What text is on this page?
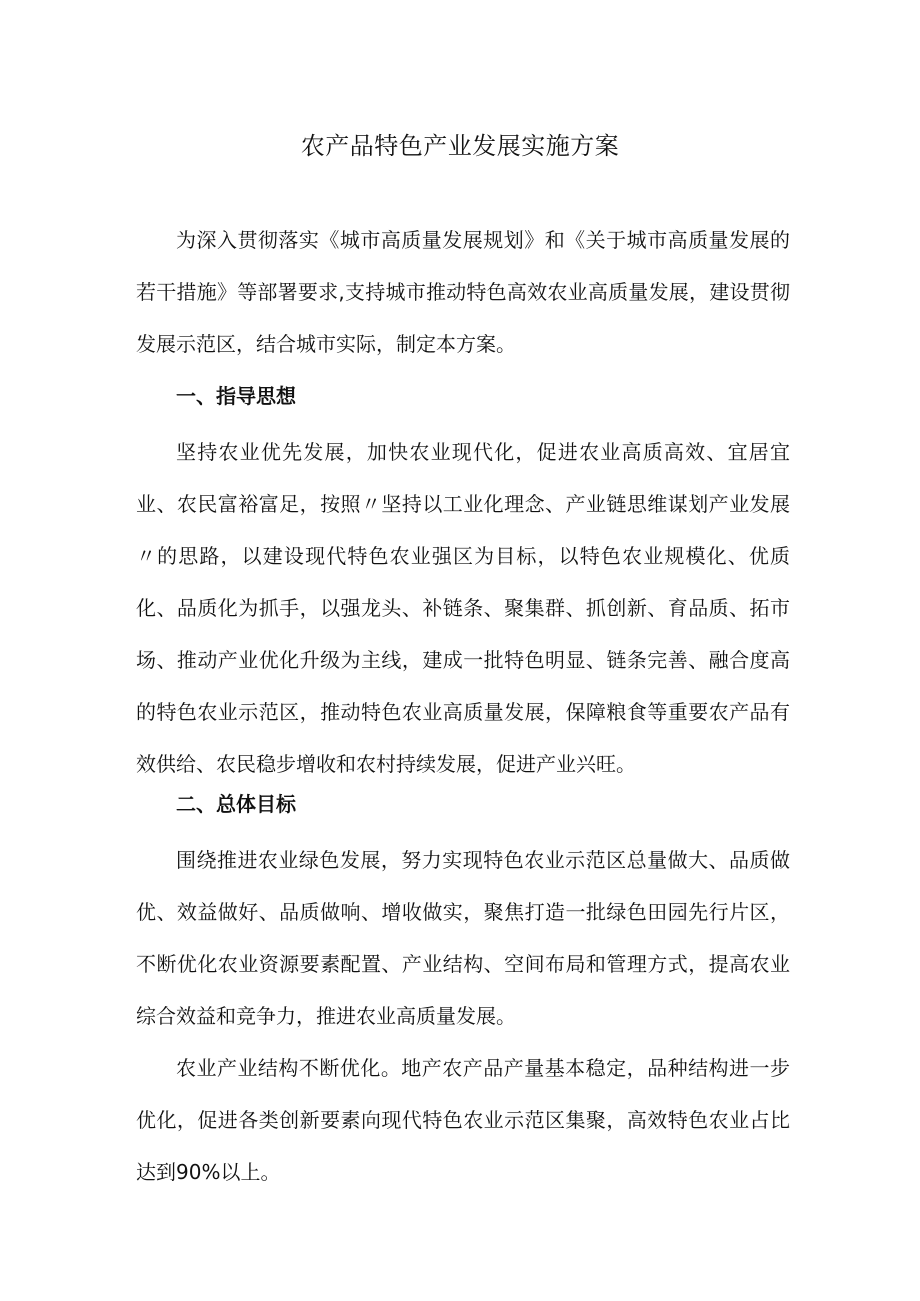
农产品特色产业发展实施方案

为深入贯彻落实《城市高质量发展规划》和《关于城市高质量发展的若干措施》等部署要求,支持城市推动特色高效农业高质量发展，建设贯彻发展示范区，结合城市实际，制定本方案。

一、指导思想

坚持农业优先发展，加快农业现代化，促进农业高质高效、宜居宜业、农民富裕富足，按照〃坚持以工业化理念、产业链思维谋划产业发展〃的思路，以建设现代特色农业强区为目标，以特色农业规模化、优质化、品质化为抓手，以强龙头、补链条、聚集群、抓创新、育品质、拓市场、推动产业优化升级为主线，建成一批特色明显、链条完善、融合度高的特色农业示范区，推动特色农业高质量发展，保障粮食等重要农产品有效供给、农民稳步增收和农村持续发展，促进产业兴旺。

二、总体目标

围绕推进农业绿色发展，努力实现特色农业示范区总量做大、品质做优、效益做好、品质做响、增收做实，聚焦打造一批绿色田园先行片区，不断优化农业资源要素配置、产业结构、空间布局和管理方式，提高农业综合效益和竞争力，推进农业高质量发展。

农业产业结构不断优化。地产农产品产量基本稳定，品种结构进一步优化，促进各类创新要素向现代特色农业示范区集聚，高效特色农业占比达到90%以上。
